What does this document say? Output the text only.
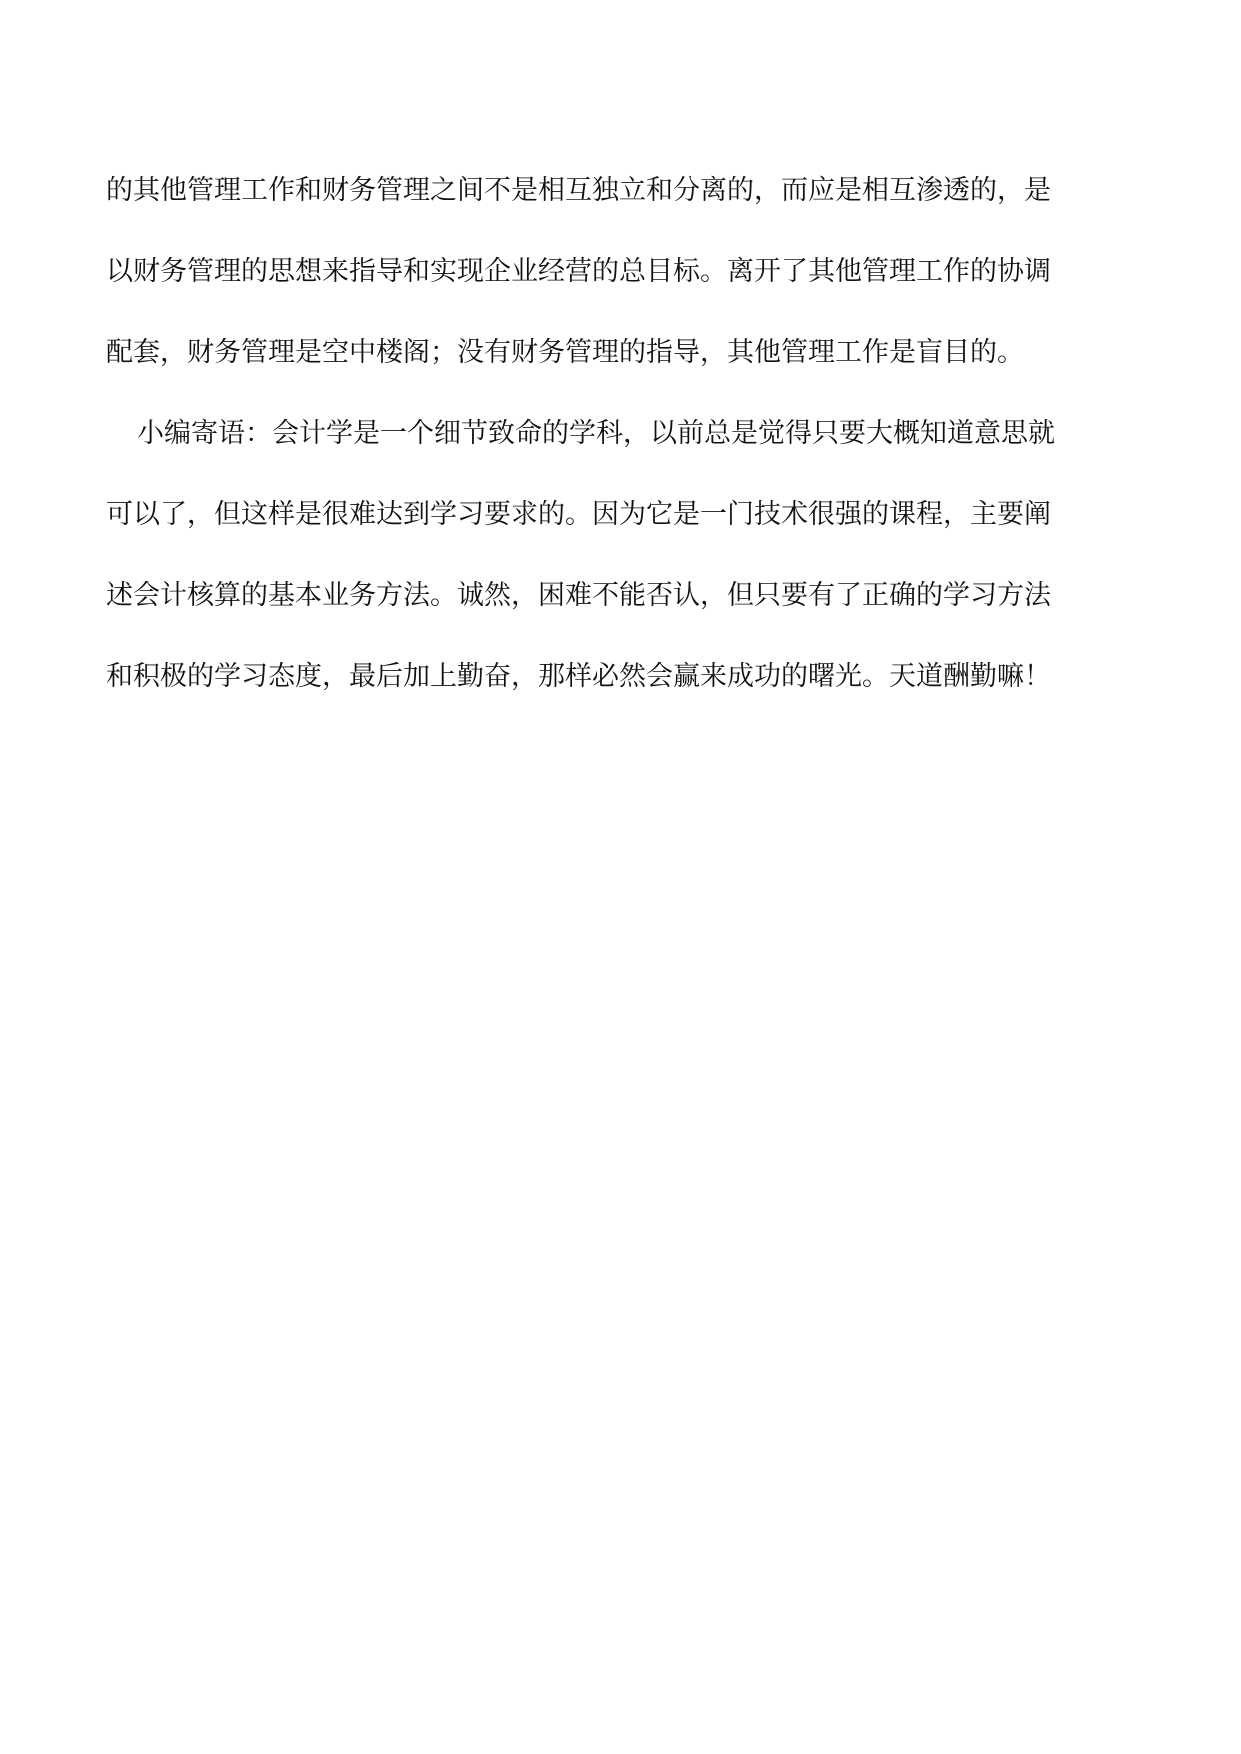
的其他管理工作和财务管理之间不是相互独立和分离的，而应是相互渗透的，是
以财务管理的思想来指导和实现企业经营的总目标。离开了其他管理工作的协调
配套，财务管理是空中楼阁；没有财务管理的指导，其他管理工作是盲目的。
小编寄语：会计学是一个细节致命的学科，以前总是觉得只要大概知道意思就
可以了，但这样是很难达到学习要求的。因为它是一门技术很强的课程，主要阐
述会计核算的基本业务方法。诚然，困难不能否认，但只要有了正确的学习方法
和积极的学习态度，最后加上勤奋，那样必然会赢来成功的曙光。天道酬勤嘛！
